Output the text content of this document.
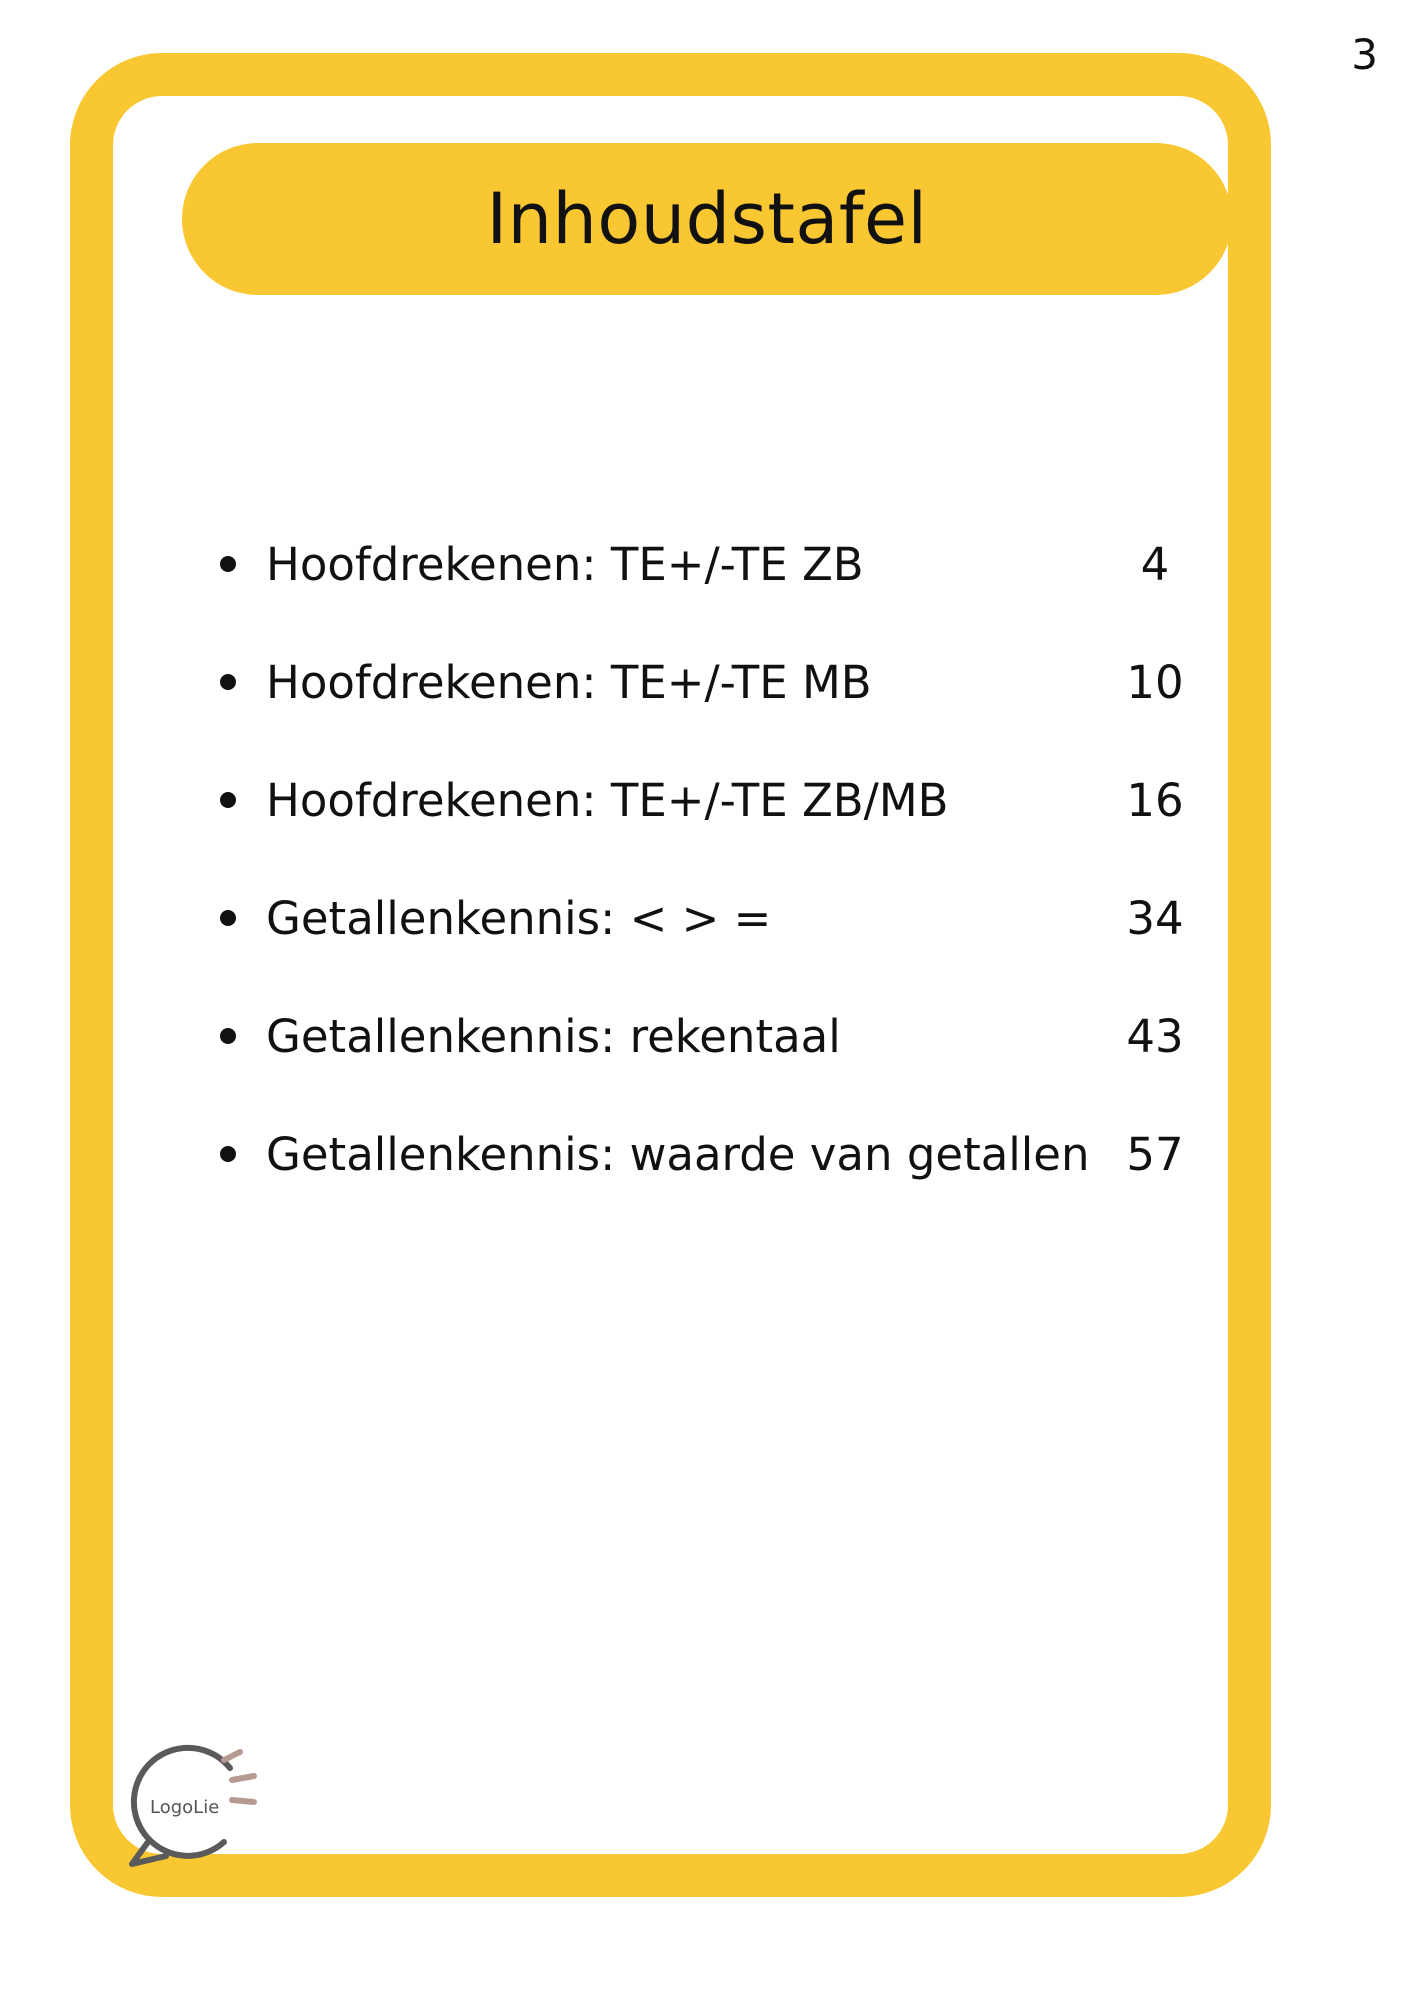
3
Inhoudstafel
Hoofdrekenen: TE+/-TE ZB	4
Hoofdrekenen: TE+/-TE MB	10
Hoofdrekenen: TE+/-TE ZB/MB	16
Getallenkennis: < > =	34
Getallenkennis: rekentaal	43
Getallenkennis: waarde van getallen 57
LogoLie
